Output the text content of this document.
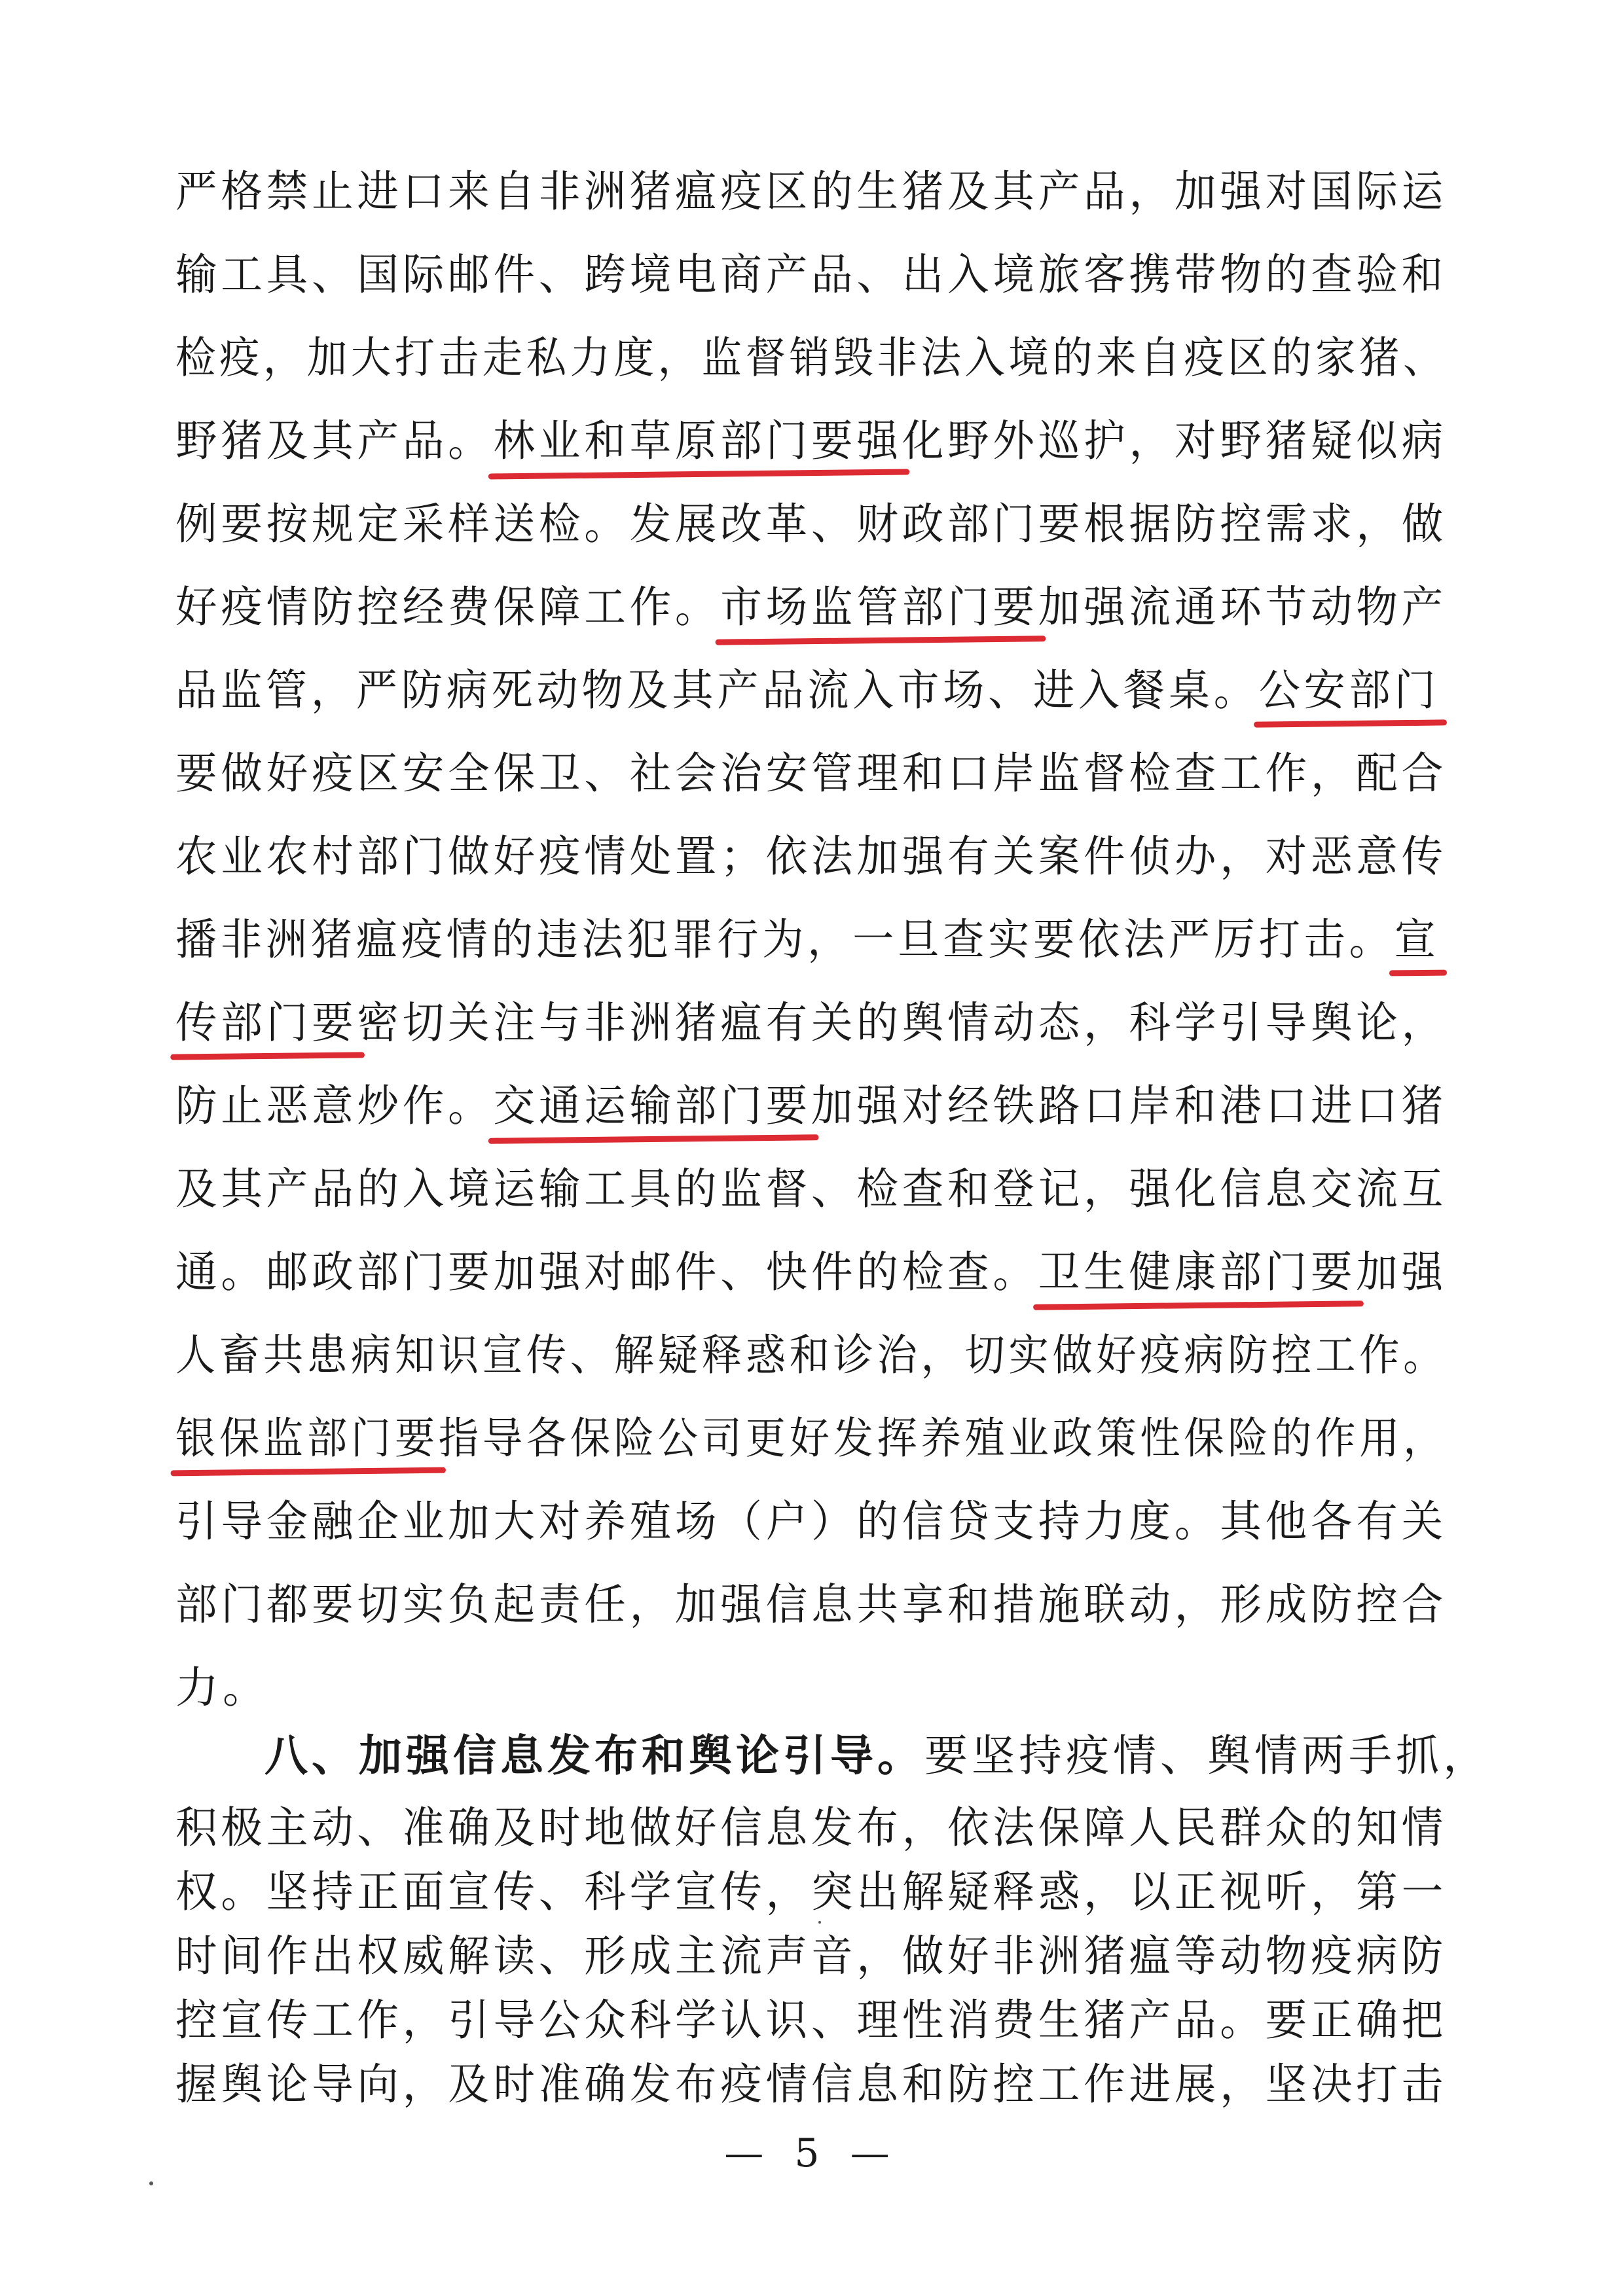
严格禁止进口来自非洲猪瘟疫区的生猪及其产品，加强对国际运
输工具、国际邮件、跨境电商产品、出入境旅客携带物的查验和
检疫，加大打击走私力度，监督销毁非法入境的来自疫区的家猪、
野猪及其产品。林业和草原部门要强化野外巡护，对野猪疑似病
例要按规定采样送检。发展改革、财政部门要根据防控需求，做
好疫情防控经费保障工作。市场监管部门要加强流通环节动物产
品监管，严防病死动物及其产品流入市场、进入餐桌。公安部门
要做好疫区安全保卫、社会治安管理和口岸监督检查工作，配合
农业农村部门做好疫情处置；依法加强有关案件侦办，对恶意传
播非洲猪瘟疫情的违法犯罪行为，一旦查实要依法严厉打击。宣
传部门要密切关注与非洲猪瘟有关的舆情动态，科学引导舆论，
防止恶意炒作。交通运输部门要加强对经铁路口岸和港口进口猪
及其产品的入境运输工具的监督、检查和登记，强化信息交流互
通。邮政部门要加强对邮件、快件的检查。卫生健康部门要加强
人畜共患病知识宣传、解疑释惑和诊治，切实做好疫病防控工作。
银保监部门要指导各保险公司更好发挥养殖业政策性保险的作用，
引导金融企业加大对养殖场（户）的信贷支持力度。其他各有关
部门都要切实负起责任，加强信息共享和措施联动，形成防控合
力。
八、加强信息发布和舆论引导。要坚持疫情、舆情两手抓，
积极主动、准确及时地做好信息发布，依法保障人民群众的知情
权。坚持正面宣传、科学宣传，突出解疑释惑，以正视听，第一
时间作出权威解读、形成主流声音，做好非洲猪瘟等动物疫病防
— 5 —
控宣传工作，引导公众科学认识、理性消费生猪产品。要正确把
握舆论导向，及时准确发布疫情信息和防控工作进展，坚决打击
